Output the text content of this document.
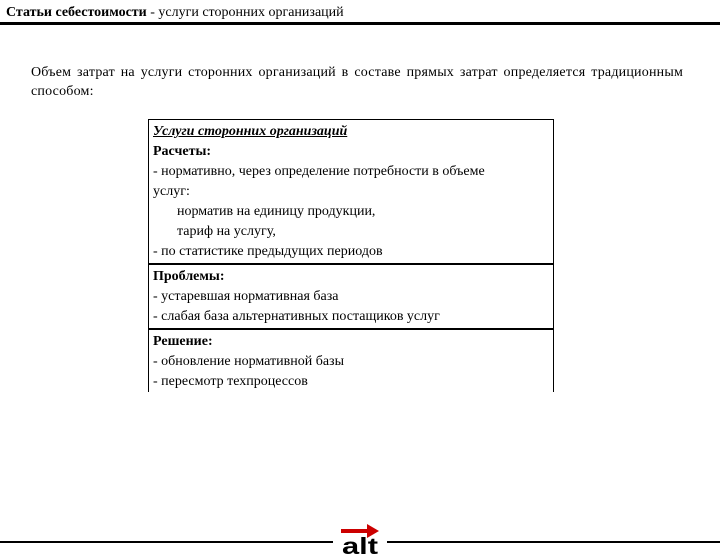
Статьи себестоимости - услуги сторонних организаций
Объем затрат на услуги сторонних организаций в составе прямых затрат определяется традиционным способом:
Услуги сторонних организаций
Расчеты:
- нормативно, через определение потребности в объеме
услуг:
норматив на единицу продукции,
тариф на услугу,
- по статистике предыдущих периодов
Проблемы:
- устаревшая нормативная база
- слабая база альтернативных постащиков услуг
Решение:
- обновление нормативной базы
- пересмотр техпроцессов
alt
